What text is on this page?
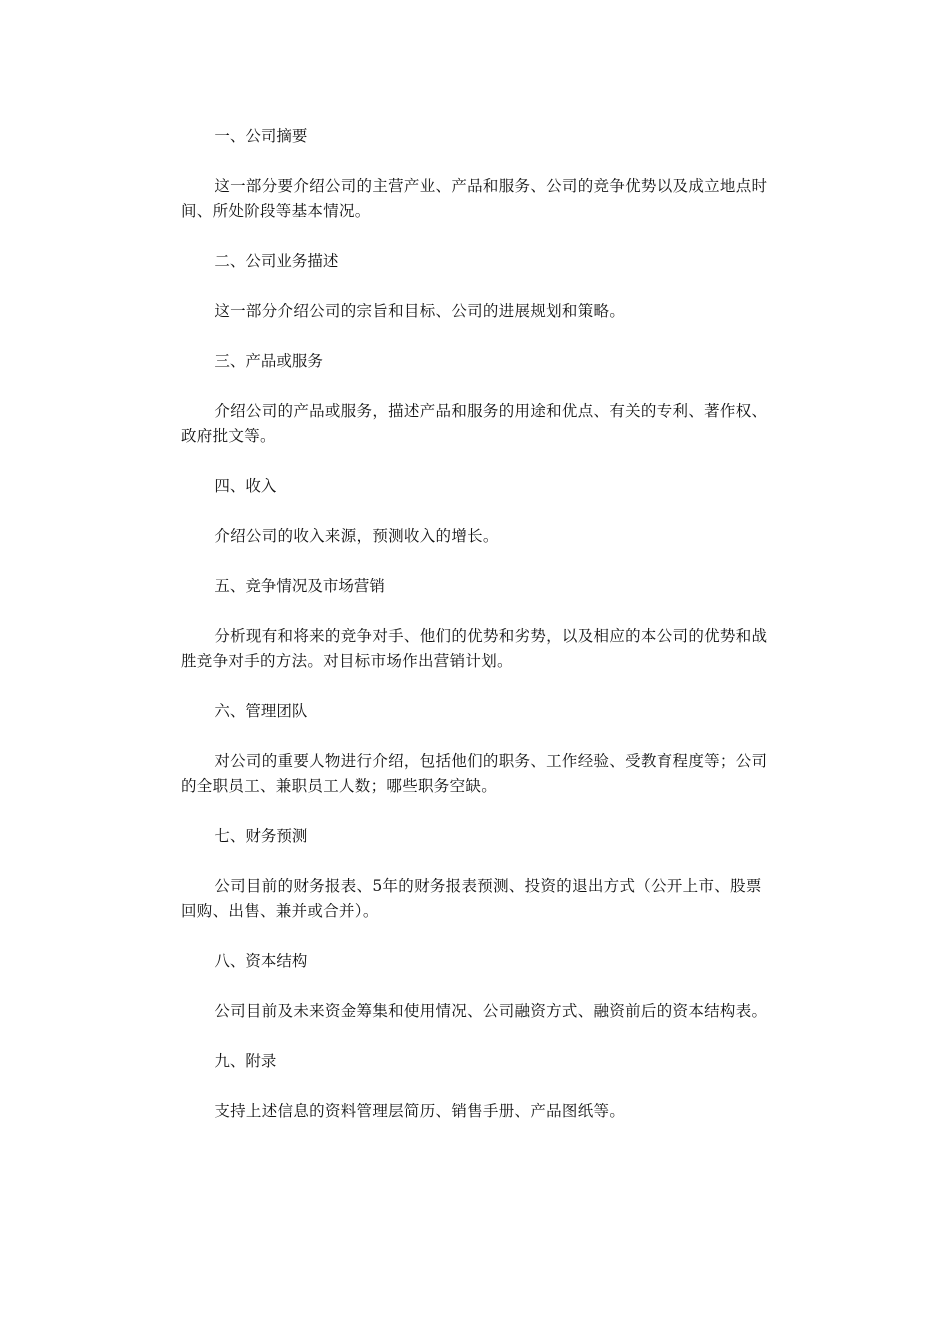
一、公司摘要

这一部分要介绍公司的主营产业、产品和服务、公司的竞争优势以及成立地点时间、所处阶段等基本情况。

二、公司业务描述

这一部分介绍公司的宗旨和目标、公司的进展规划和策略。

三、产品或服务

介绍公司的产品或服务，描述产品和服务的用途和优点、有关的专利、著作权、政府批文等。

四、收入

介绍公司的收入来源，预测收入的增长。

五、竞争情况及市场营销

分析现有和将来的竞争对手、他们的优势和劣势，以及相应的本公司的优势和战胜竞争对手的方法。对目标市场作出营销计划。

六、管理团队

对公司的重要人物进行介绍，包括他们的职务、工作经验、受教育程度等；公司的全职员工、兼职员工人数；哪些职务空缺。

七、财务预测

公司目前的财务报表、5年的财务报表预测、投资的退出方式（公开上市、股票回购、出售、兼并或合并）。

八、资本结构

公司目前及未来资金筹集和使用情况、公司融资方式、融资前后的资本结构表。

九、附录

支持上述信息的资料管理层简历、销售手册、产品图纸等。
